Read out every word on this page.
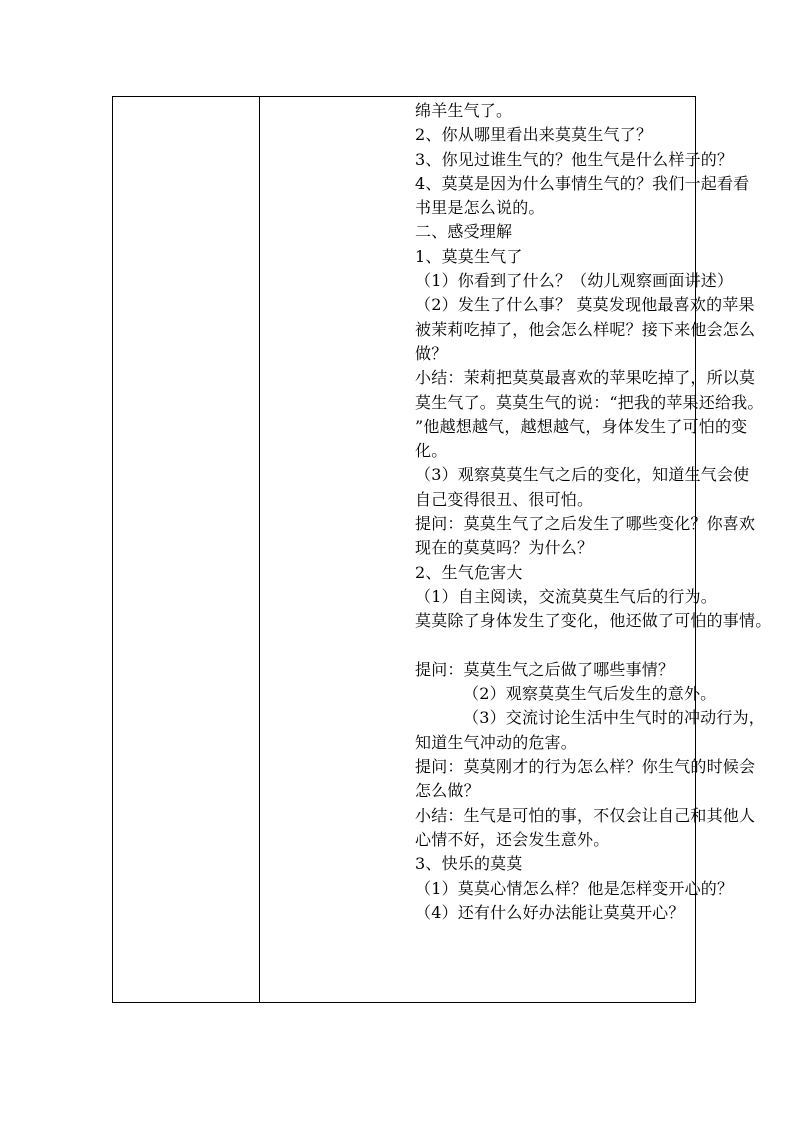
绵羊生气了。
2、你从哪里看出来莫莫生气了？
3、你见过谁生气的？他生气是什么样子的？
4、莫莫是因为什么事情生气的？我们一起看看
书里是怎么说的。
二、感受理解
1、莫莫生气了
（1）你看到了什么？（幼儿观察画面讲述）
（2）发生了什么事？ 莫莫发现他最喜欢的苹果
被茉莉吃掉了，他会怎么样呢？接下来他会怎么
做？
小结：茉莉把莫莫最喜欢的苹果吃掉了，所以莫
莫生气了。莫莫生气的说：“把我的苹果还给我。
”他越想越气，越想越气，身体发生了可怕的变
化。
（3）观察莫莫生气之后的变化，知道生气会使
自己变得很丑、很可怕。
提问：莫莫生气了之后发生了哪些变化？你喜欢
现在的莫莫吗？为什么？
2、生气危害大
（1）自主阅读，交流莫莫生气后的行为。
莫莫除了身体发生了变化，他还做了可怕的事情。
提问：莫莫生气之后做了哪些事情？
（2）观察莫莫生气后发生的意外。
（3）交流讨论生活中生气时的冲动行为，
知道生气冲动的危害。
提问：莫莫刚才的行为怎么样？你生气的时候会
怎么做？
小结：生气是可怕的事，不仅会让自己和其他人
心情不好，还会发生意外。
3、快乐的莫莫
（1）莫莫心情怎么样？他是怎样变开心的？
（4）还有什么好办法能让莫莫开心？
